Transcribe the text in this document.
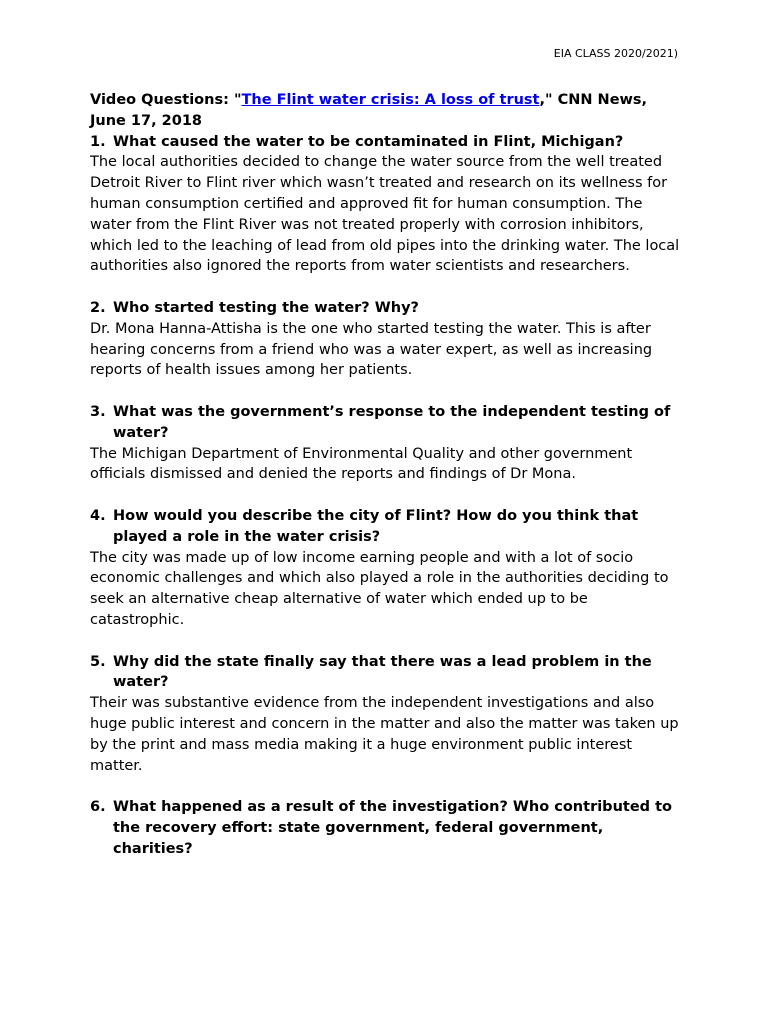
EIA CLASS 2020/2021)

Video Questions: "The Flint water crisis: A loss of trust," CNN News, June 17, 2018

1. What caused the water to be contaminated in Flint, Michigan?

The local authorities decided to change the water source from the well treated Detroit River to Flint river which wasn’t treated and research on its wellness for human consumption certified and approved fit for human consumption. The water from the Flint River was not treated properly with corrosion inhibitors, which led to the leaching of lead from old pipes into the drinking water. The local authorities also ignored the reports from water scientists and researchers.

2. Who started testing the water? Why?

Dr. Mona Hanna-Attisha is the one who started testing the water. This is after hearing concerns from a friend who was a water expert, as well as increasing reports of health issues among her patients.

3. What was the government’s response to the independent testing of water?

The Michigan Department of Environmental Quality and other government officials dismissed and denied the reports and findings of Dr Mona.

4. How would you describe the city of Flint? How do you think that played a role in the water crisis?

The city was made up of low income earning people and with a lot of socio economic challenges and which also played a role in the authorities deciding to seek an alternative cheap alternative of water which ended up to be catastrophic.

5. Why did the state finally say that there was a lead problem in the water?

Their was substantive evidence from the independent investigations and also huge public interest and concern in the matter and also the matter was taken up by the print and mass media making it a huge environment public interest matter.

6. What happened as a result of the investigation? Who contributed to the recovery effort: state government, federal government, charities?
